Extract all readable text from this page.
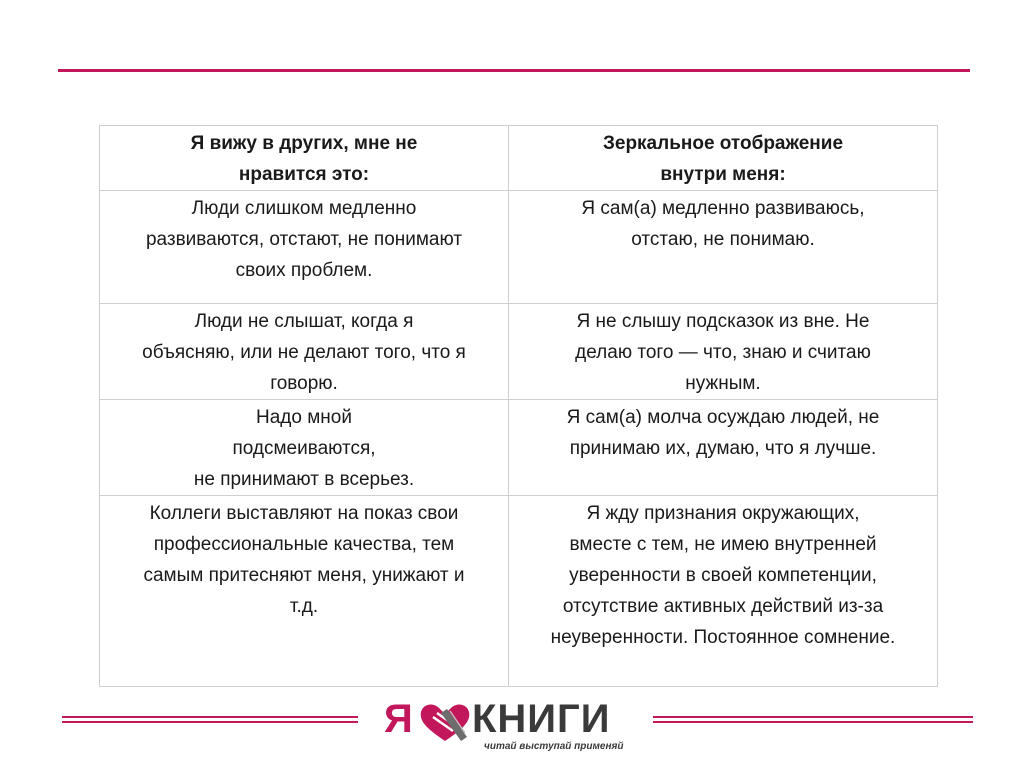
Я вижу в других, мне не
нравится это:	Зеркальное отображение
внутри меня:

Люди слишком медленно
развиваются, отстают, не понимают
своих проблем.	Я сам(а) медленно развиваюсь,
отстаю, не понимаю.

Люди не слышат, когда я
объясняю, или не делают того, что я
говорю.	Я не слышу подсказок из вне. Не
делаю того — что, знаю и считаю
нужным.

Надо мной
подсмеиваются,
не принимают в всерьез.	Я сам(а) молча осуждаю людей, не
принимаю их, думаю, что я лучше.

Коллеги выставляют на показ свои
профессиональные качества, тем
самым притесняют меня, унижают и
т.д.	Я жду признания окружающих,
вместе с тем, не имею внутренней
уверенности в своей компетенции,
отсутствие активных действий из-за
неуверенности. Постоянное сомнение.
Я КНИГИ
читай выступай применяй
